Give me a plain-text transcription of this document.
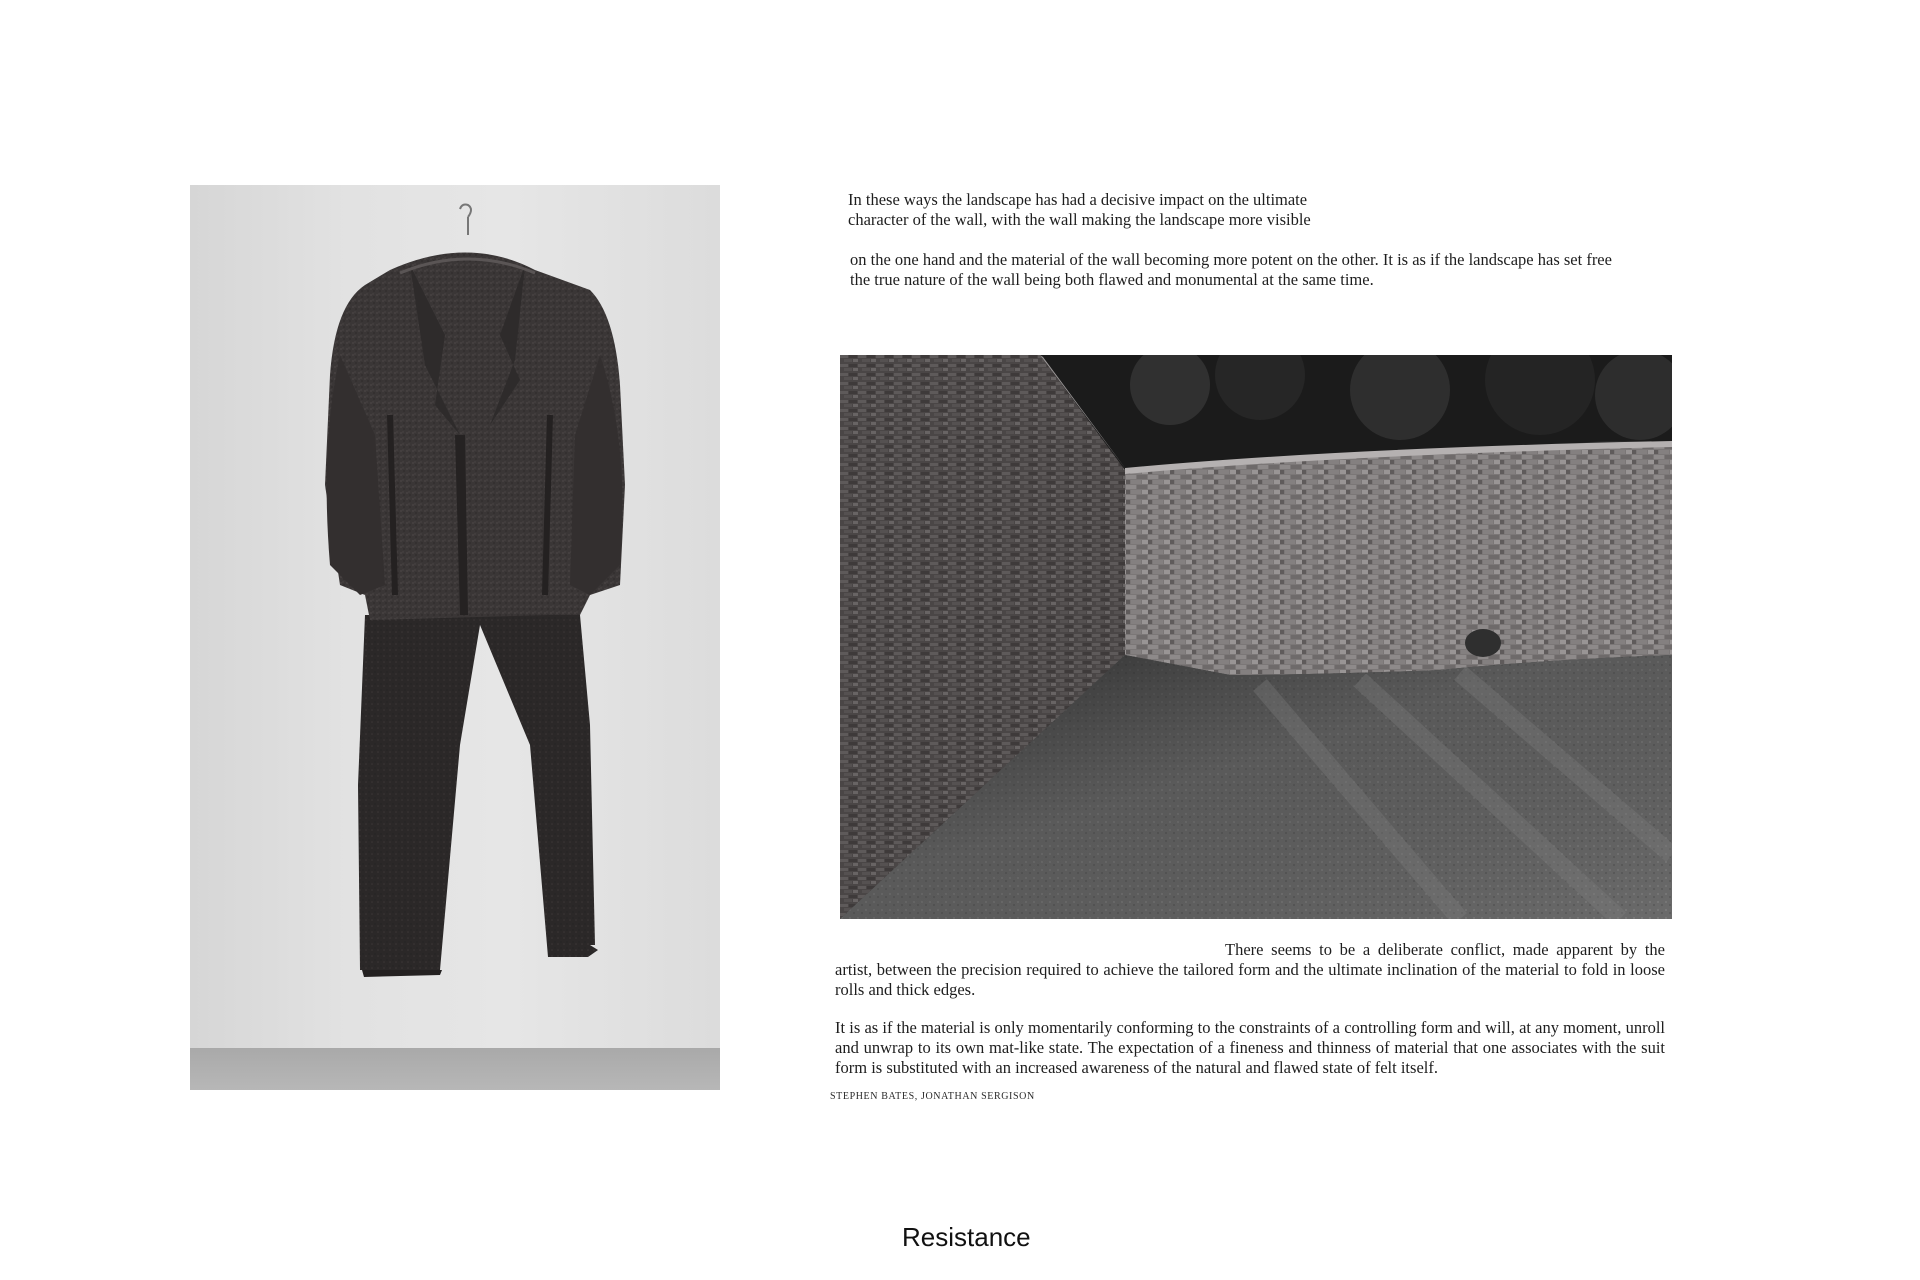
In these ways the landscape has had a decisive impact on the ultimate
character of the wall, with the wall making the landscape more visible

on the one hand and the material of the wall becoming more potent on the other. It is as if the landscape has set free
the true nature of the wall being both flawed and monumental at the same time.

There seems to be a deliberate conflict, made apparent by the artist, between the precision required to achieve the tailored form and the ultimate inclination of the material to fold in loose rolls and thick edges.

It is as if the material is only momentarily conforming to the constraints of a controlling form and will, at any moment, unroll and unwrap to its own mat-like state. The expectation of a fineness and thinness of material that one associates with the suit form is substituted with an increased awareness of the natural and flawed state of felt itself.

STEPHEN BATES, JONATHAN SERGISON
Resistance
